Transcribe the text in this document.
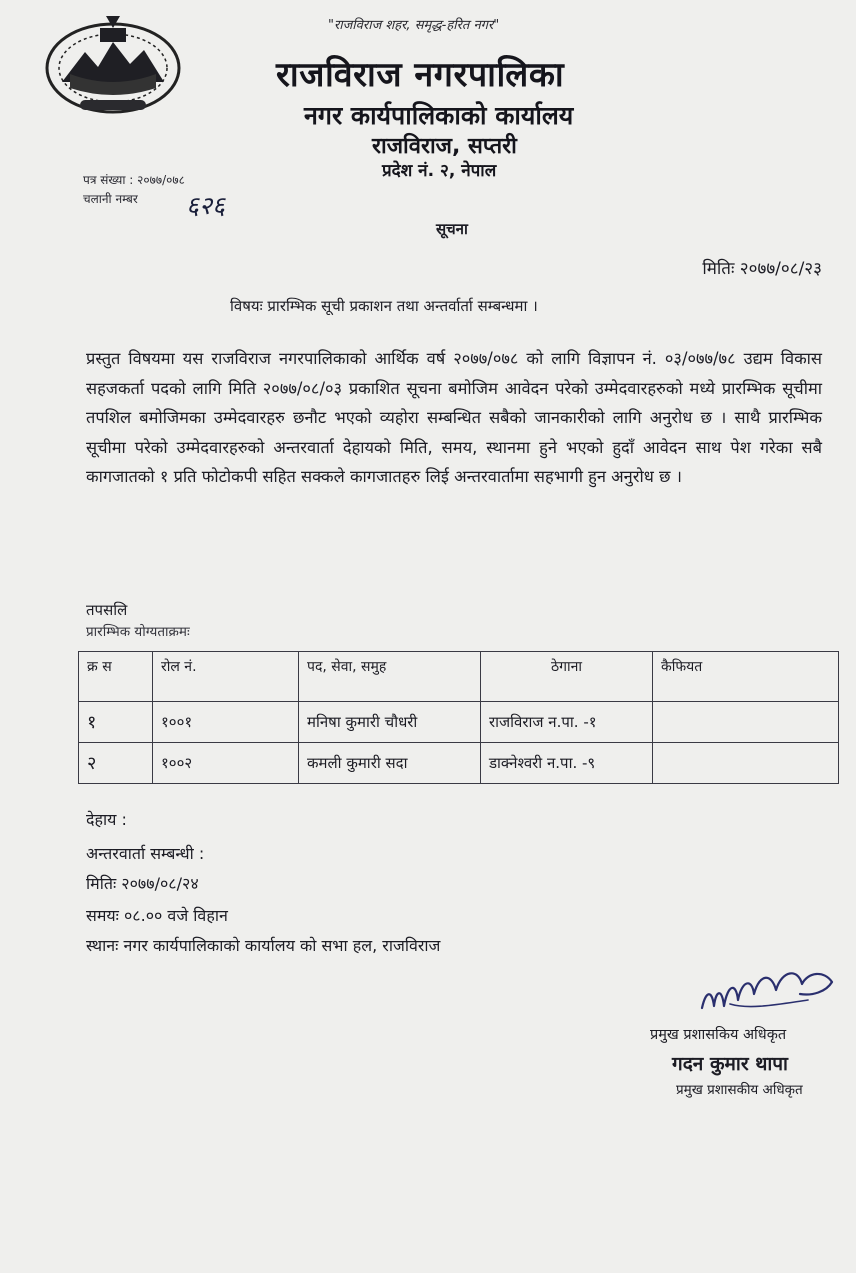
"राजविराज शहर, समृद्ध-हरित नगर"
राजविराज नगरपालिका
नगर कार्यपालिकाको कार्यालय
राजविराज, सप्तरी
प्रदेश नं. २, नेपाल
पत्र संख्या : २०७७/०७८
चलानी नम्बर ६२६
सूचना
मितिः २०७७/०८/२३
विषयः प्रारम्भिक सूची प्रकाशन तथा अन्तर्वार्ता सम्बन्धमा ।
प्रस्तुत विषयमा यस राजविराज नगरपालिकाको आर्थिक वर्ष २०७७/०७८ को लागि विज्ञापन नं. ०३/०७७/७८ उद्यम विकास सहजकर्ता पदको लागि मिति २०७७/०८/०३ प्रकाशित सूचना बमोजिम आवेदन परेको उम्मेदवारहरुको मध्ये प्रारम्भिक सूचीमा तपशिल बमोजिमका उम्मेदवारहरु छनौट भएको व्यहोरा सम्बन्धित सबैको जानकारीको लागि अनुरोध छ । साथै प्रारम्भिक सूचीमा परेको उम्मेदवारहरुको अन्तरवार्ता देहायको मिति, समय, स्थानमा हुने भएको हुदाँ आवेदन साथ पेश गरेका सबै कागजातको १ प्रति फोटोकपी सहित सक्कले कागजातहरु लिई अन्तरवार्तामा सहभागी हुन अनुरोध छ ।
तपसलि
प्रारम्भिक योग्यताक्रमः
क्र स	रोल नं.	पद, सेवा, समुह	ठेगाना	कैफियत
१	१००१	मनिषा कुमारी चौधरी	राजविराज न.पा. -१	
२	१००२	कमली कुमारी सदा	डाक्नेश्वरी न.पा. -९	
देहाय :
अन्तरवार्ता सम्बन्धी :
मितिः २०७७/०८/२४
समयः ०८.०० वजे विहान
स्थानः नगर कार्यपालिकाको कार्यालय को सभा हल, राजविराज
प्रमुख प्रशासकिय अधिकृत
गदन कुमार थापा
प्रमुख प्रशासकीय अधिकृत
